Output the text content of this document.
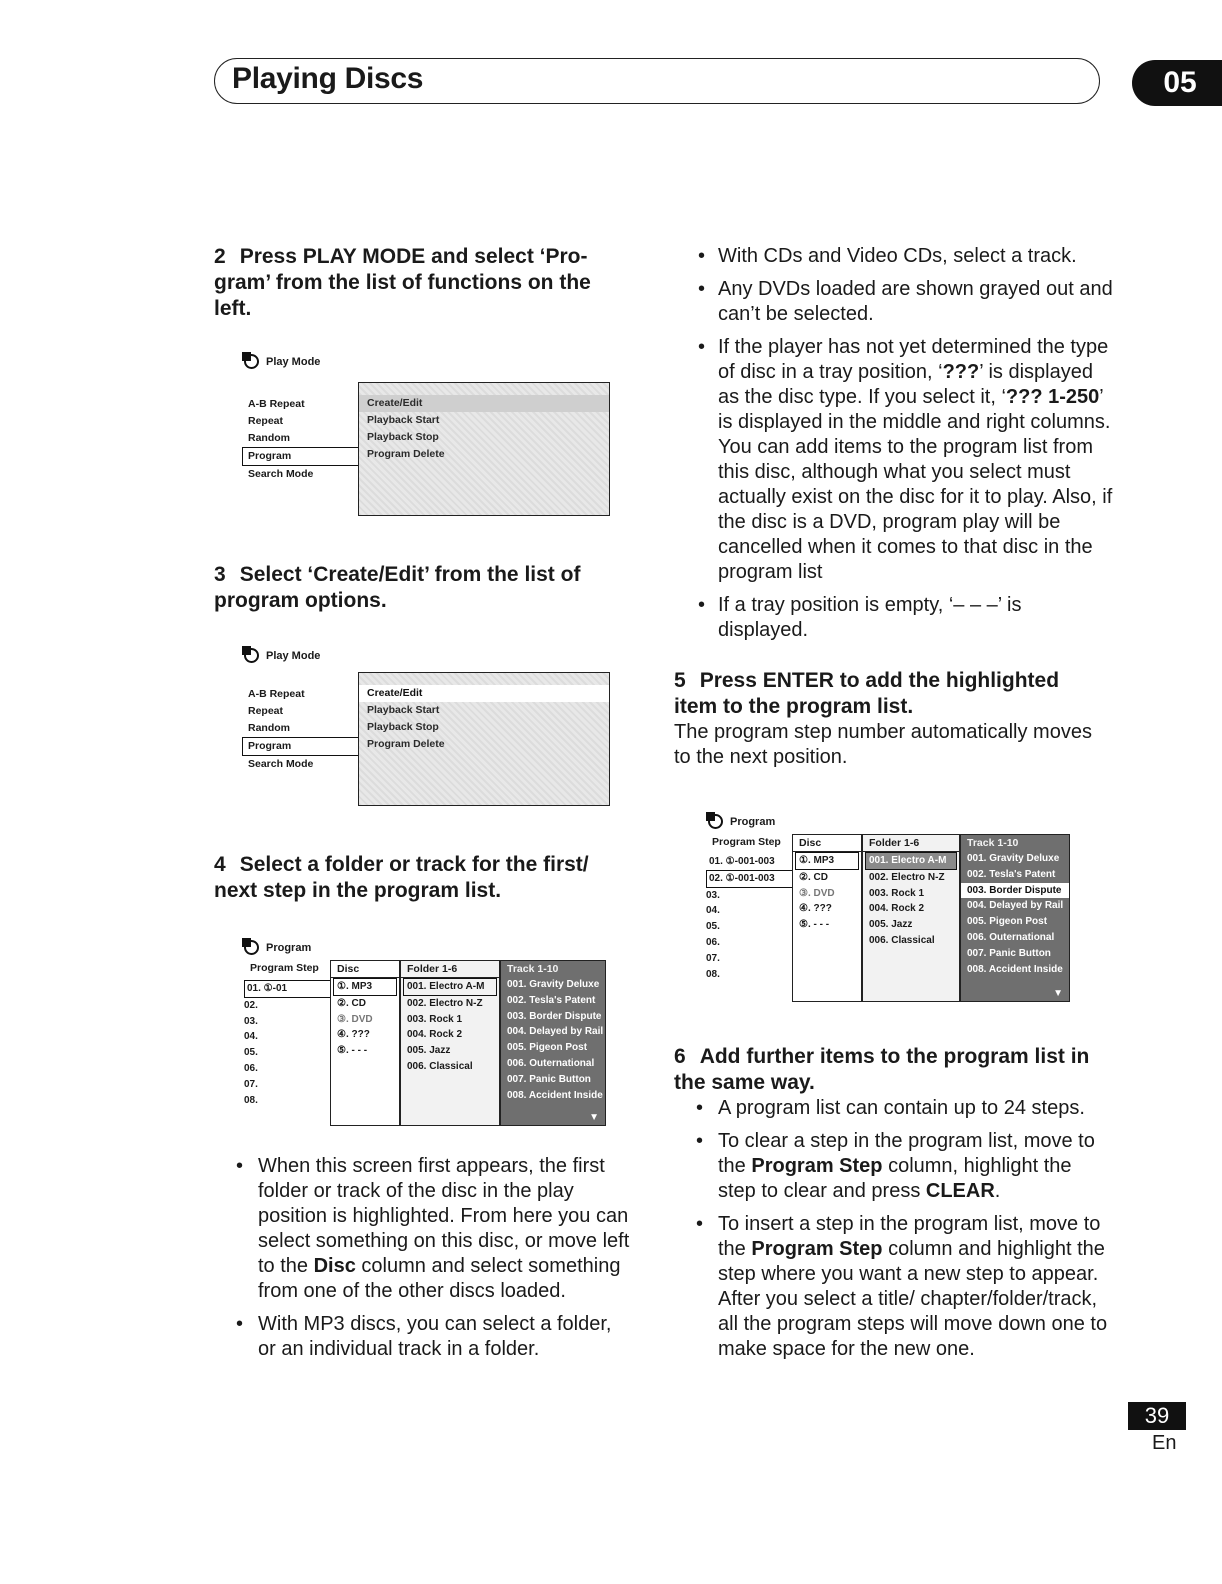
Playing Discs	05

2 Press PLAY MODE and select ‘Pro-gram’ from the list of functions on the left.

Play Mode
A-B Repeat
Repeat
Random
Program
Search Mode
Create/Edit
Playback Start
Playback Stop
Program Delete

3 Select ‘Create/Edit’ from the list of program options.

Play Mode
A-B Repeat
Repeat
Random
Program
Search Mode
Create/Edit
Playback Start
Playback Stop
Program Delete

4 Select a folder or track for the first/ next step in the program list.

Program
Program Step
01. ①-01
02.
03.
04.
05.
06.
07.
08.
Disc
①. MP3
②. CD
③. DVD
④. ???
⑤. - - -
Folder 1-6
001. Electro A-M
002. Electro N-Z
003. Rock 1
004. Rock 2
005. Jazz
006. Classical
Track 1-10
001. Gravity Deluxe
002. Tesla's Patent
003. Border Dispute
004. Delayed by Rail
005. Pigeon Post
006. Outernational
007. Panic Button
008. Accident Inside
▼
• When this screen first appears, the first folder or track of the disc in the play position is highlighted. From here you can select something on this disc, or move left to the Disc column and select something from one of the other discs loaded.
• With MP3 discs, you can select a folder, or an individual track in a folder.
• With CDs and Video CDs, select a track.
• Any DVDs loaded are shown grayed out and can’t be selected.
• If the player has not yet determined the type of disc in a tray position, ‘???’ is displayed as the disc type. If you select it, ‘??? 1-250’ is displayed in the middle and right columns. You can add items to the program list from this disc, although what you select must actually exist on the disc for it to play. Also, if the disc is a DVD, program play will be cancelled when it comes to that disc in the program list
• If a tray position is empty, ‘– – –’ is displayed.

5 Press ENTER to add the highlighted item to the program list.

The program step number automatically moves to the next position.

Program
Program Step
01. ①-001-003
02. ①-001-003
03.
04.
05.
06.
07.
08.
Disc
①. MP3
②. CD
③. DVD
④. ???
⑤. - - -
Folder 1-6
001. Electro A-M
002. Electro N-Z
003. Rock 1
004. Rock 2
005. Jazz
006. Classical
Track 1-10
001. Gravity Deluxe
002. Tesla's Patent
003. Border Dispute
004. Delayed by Rail
005. Pigeon Post
006. Outernational
007. Panic Button
008. Accident Inside
▼

6 Add further items to the program list in the same way.

• A program list can contain up to 24 steps.
• To clear a step in the program list, move to the Program Step column, highlight the step to clear and press CLEAR.
• To insert a step in the program list, move to the Program Step column and highlight the step where you want a new step to appear. After you select a title/ chapter/folder/track, all the program steps will move down one to make space for the new one.
39
En
